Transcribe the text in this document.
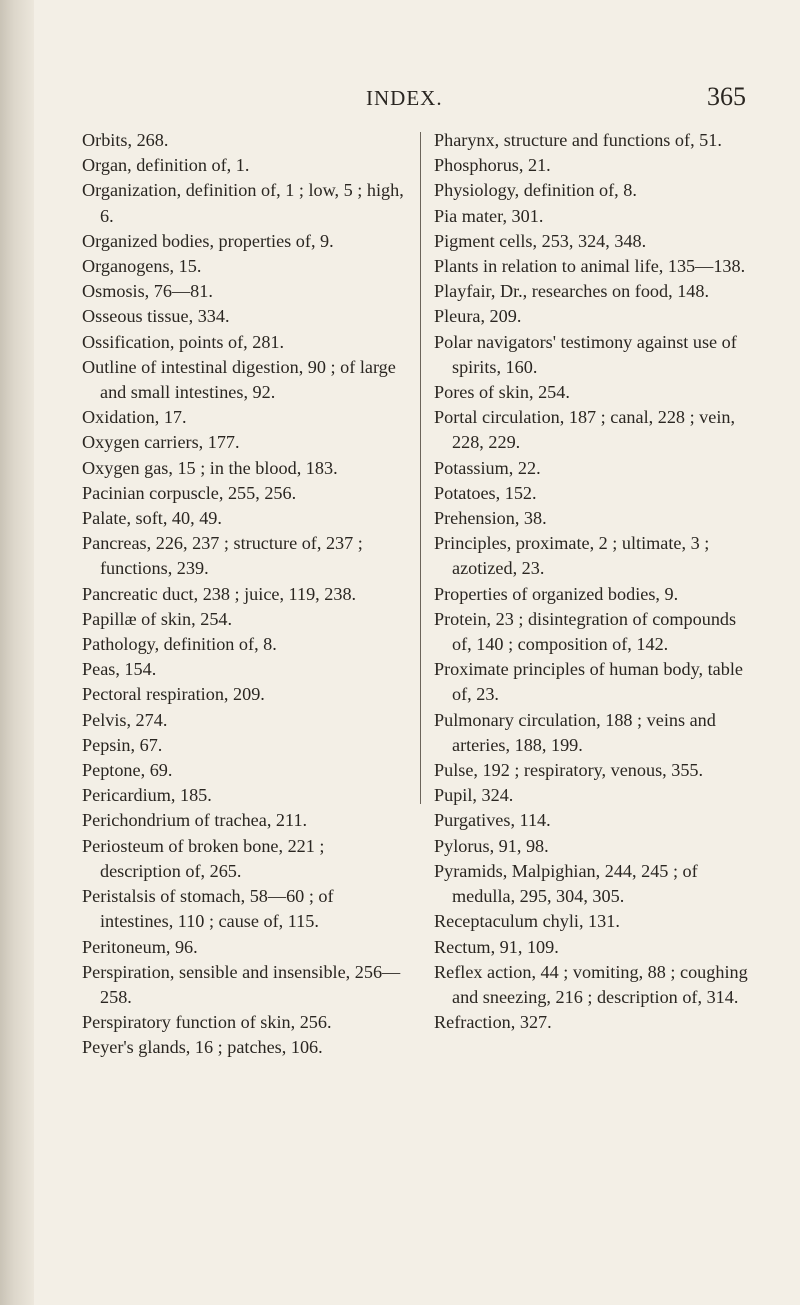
INDEX.	365
Orbits, 268.
Organ, definition of, 1.
Organization, definition of, 1 ; low, 5 ; high, 6.
Organized bodies, properties of, 9.
Organogens, 15.
Osmosis, 76—81.
Osseous tissue, 334.
Ossification, points of, 281.
Outline of intestinal digestion, 90 ; of large and small intestines, 92.
Oxidation, 17.
Oxygen carriers, 177.
Oxygen gas, 15 ; in the blood, 183.
Pacinian corpuscle, 255, 256.
Palate, soft, 40, 49.
Pancreas, 226, 237 ; structure of, 237 ; functions, 239.
Pancreatic duct, 238 ; juice, 119, 238.
Papillæ of skin, 254.
Pathology, definition of, 8.
Peas, 154.
Pectoral respiration, 209.
Pelvis, 274.
Pepsin, 67.
Peptone, 69.
Pericardium, 185.
Perichondrium of trachea, 211.
Periosteum of broken bone, 221 ; description of, 265.
Peristalsis of stomach, 58—60 ; of intestines, 110 ; cause of, 115.
Peritoneum, 96.
Perspiration, sensible and insensible, 256—258.
Perspiratory function of skin, 256.
Peyer's glands, 16 ; patches, 106.
Pharynx, structure and functions of, 51.
Phosphorus, 21.
Physiology, definition of, 8.
Pia mater, 301.
Pigment cells, 253, 324, 348.
Plants in relation to animal life, 135—138.
Playfair, Dr., researches on food, 148.
Pleura, 209.
Polar navigators' testimony against use of spirits, 160.
Pores of skin, 254.
Portal circulation, 187 ; canal, 228 ; vein, 228, 229.
Potassium, 22.
Potatoes, 152.
Prehension, 38.
Principles, proximate, 2 ; ultimate, 3 ; azotized, 23.
Properties of organized bodies, 9.
Protein, 23 ; disintegration of compounds of, 140 ; composition of, 142.
Proximate principles of human body, table of, 23.
Pulmonary circulation, 188 ; veins and arteries, 188, 199.
Pulse, 192 ; respiratory, venous, 355.
Pupil, 324.
Purgatives, 114.
Pylorus, 91, 98.
Pyramids, Malpighian, 244, 245 ; of medulla, 295, 304, 305.
Receptaculum chyli, 131.
Rectum, 91, 109.
Reflex action, 44 ; vomiting, 88 ; coughing and sneezing, 216 ; description of, 314.
Refraction, 327.
